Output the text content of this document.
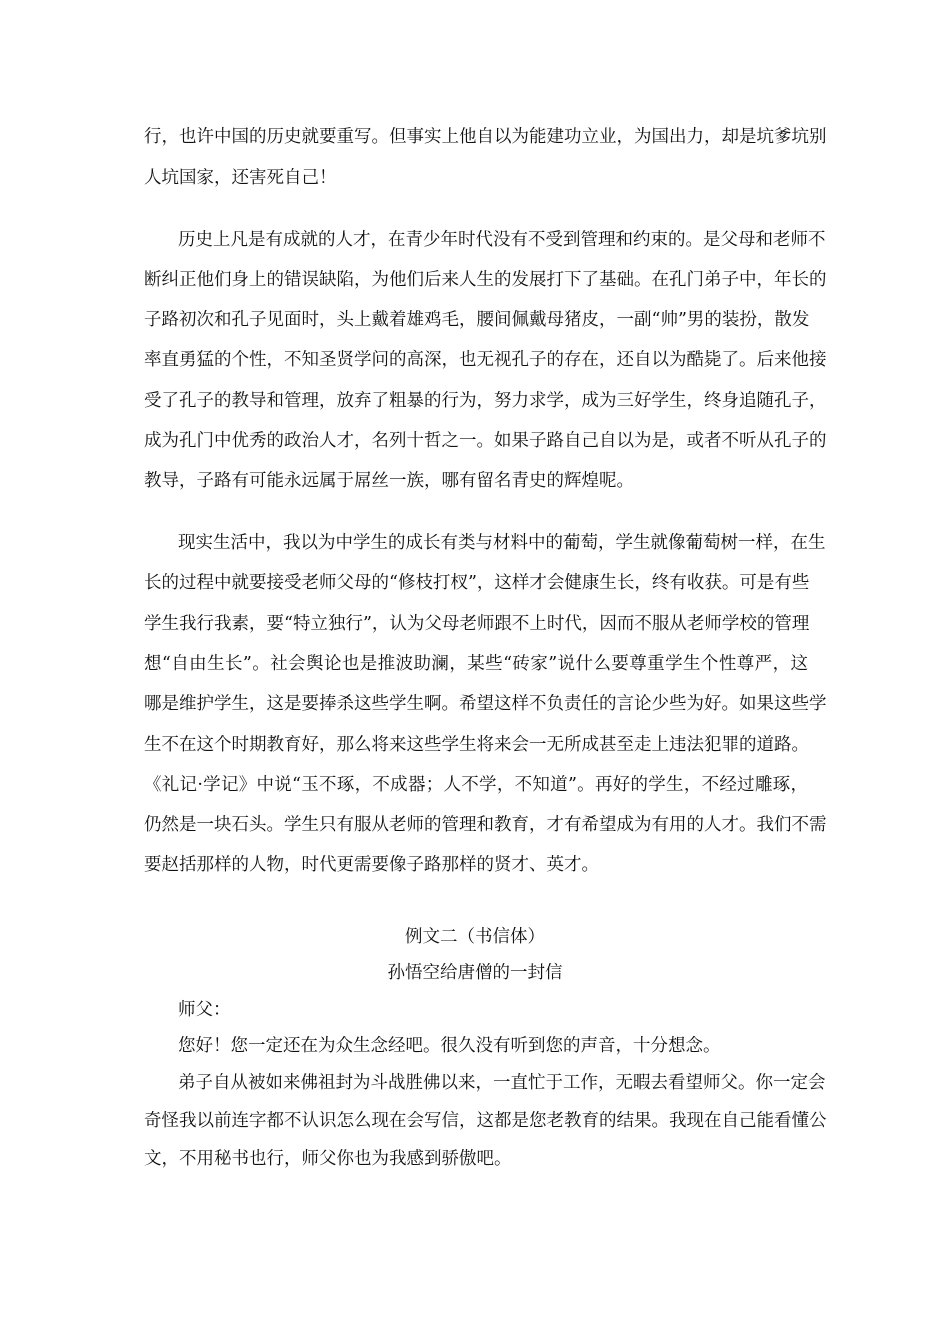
行，也许中国的历史就要重写。但事实上他自以为能建功立业，为国出力，却是坑爹坑别
人坑国家，还害死自己！
历史上凡是有成就的人才，在青少年时代没有不受到管理和约束的。是父母和老师不
断纠正他们身上的错误缺陷，为他们后来人生的发展打下了基础。在孔门弟子中，年长的
子路初次和孔子见面时，头上戴着雄鸡毛，腰间佩戴母猪皮，一副“帅”男的装扮，散发
率直勇猛的个性，不知圣贤学问的高深，也无视孔子的存在，还自以为酷毙了。后来他接
受了孔子的教导和管理，放弃了粗暴的行为，努力求学，成为三好学生，终身追随孔子，
成为孔门中优秀的政治人才，名列十哲之一。如果子路自己自以为是，或者不听从孔子的
教导，子路有可能永远属于屌丝一族，哪有留名青史的辉煌呢。
现实生活中，我以为中学生的成长有类与材料中的葡萄，学生就像葡萄树一样，在生
长的过程中就要接受老师父母的“修枝打杈”，这样才会健康生长，终有收获。可是有些
学生我行我素，要“特立独行”，认为父母老师跟不上时代，因而不服从老师学校的管理
想“自由生长”。社会舆论也是推波助澜，某些“砖家”说什么要尊重学生个性尊严，这
哪是维护学生，这是要捧杀这些学生啊。希望这样不负责任的言论少些为好。如果这些学
生不在这个时期教育好，那么将来这些学生将来会一无所成甚至走上违法犯罪的道路。
《礼记·学记》中说“玉不琢，不成器；人不学，不知道”。再好的学生，不经过雕琢，
仍然是一块石头。学生只有服从老师的管理和教育，才有希望成为有用的人才。我们不需
要赵括那样的人物，时代更需要像子路那样的贤才、英才。
例文二（书信体）
孙悟空给唐僧的一封信
师父：
您好！您一定还在为众生念经吧。很久没有听到您的声音，十分想念。
弟子自从被如来佛祖封为斗战胜佛以来，一直忙于工作，无暇去看望师父。你一定会
奇怪我以前连字都不认识怎么现在会写信，这都是您老教育的结果。我现在自己能看懂公
文，不用秘书也行，师父你也为我感到骄傲吧。
